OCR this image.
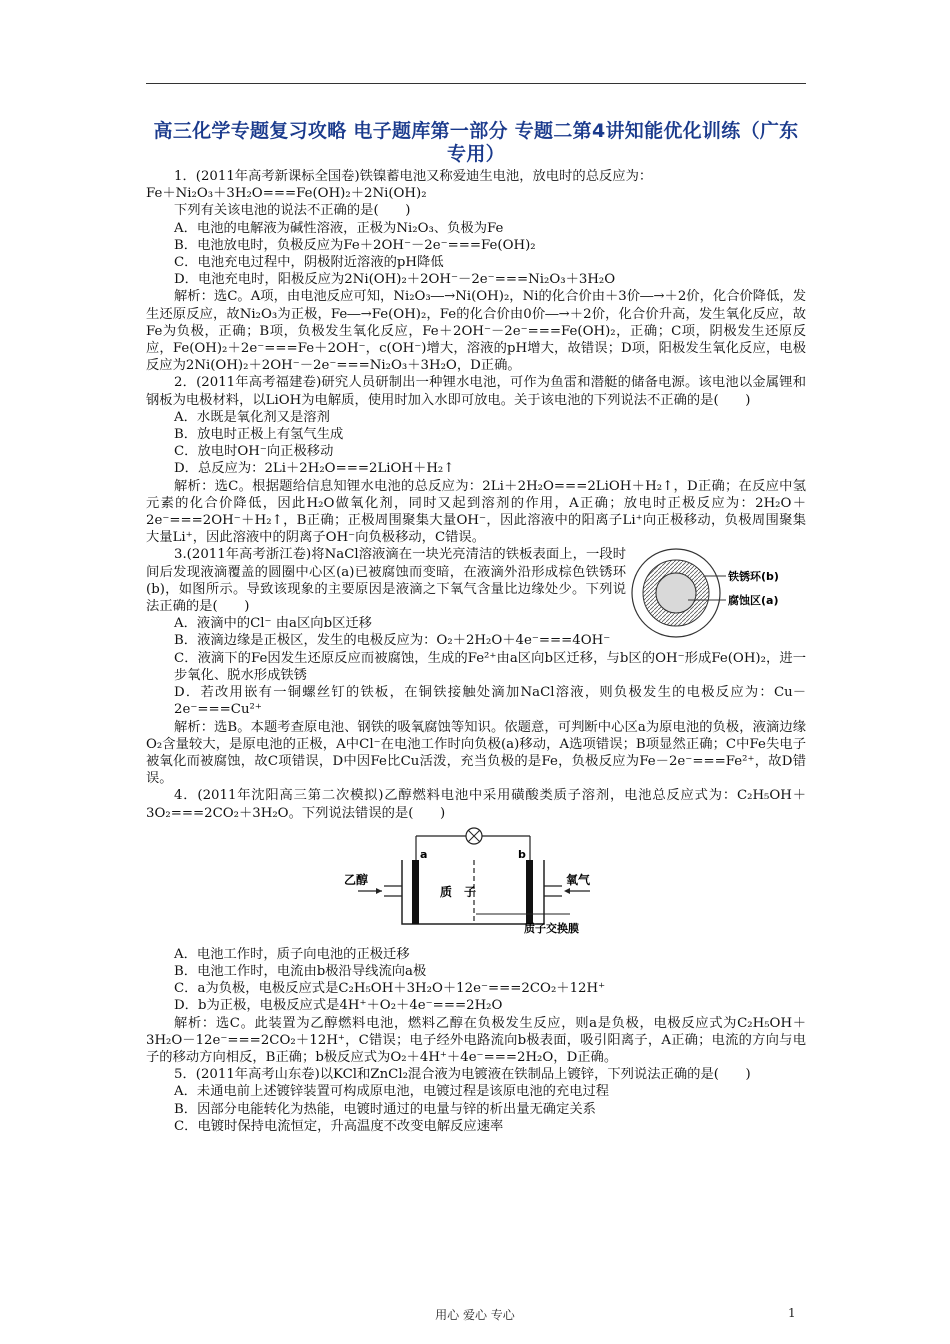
高三化学专题复习攻略 电子题库第一部分 专题二第4讲知能优化训练（广东专用）

1．(2011年高考新课标全国卷)铁镍蓄电池又称爱迪生电池，放电时的总反应为：

Fe＋Ni₂O₃＋3H₂O===Fe(OH)₂＋2Ni(OH)₂

下列有关该电池的说法不正确的是(　　)

A．电池的电解液为碱性溶液，正极为Ni₂O₃、负极为Fe

B．电池放电时，负极反应为Fe＋2OH⁻－2e⁻===Fe(OH)₂

C．电池充电过程中，阴极附近溶液的pH降低

D．电池充电时，阳极反应为2Ni(OH)₂＋2OH⁻－2e⁻===Ni₂O₃＋3H₂O

解析：选C。A项，由电池反应可知，Ni₂O₃―→Ni(OH)₂，Ni的化合价由＋3价―→＋2价，化合价降低，发生还原反应，故Ni₂O₃为正极，Fe―→Fe(OH)₂，Fe的化合价由0价―→＋2价，化合价升高，发生氧化反应，故Fe为负极，正确；B项，负极发生氧化反应，Fe＋2OH⁻－2e⁻===Fe(OH)₂，正确；C项，阴极发生还原反应，Fe(OH)₂＋2e⁻===Fe＋2OH⁻，c(OH⁻)增大，溶液的pH增大，故错误；D项，阳极发生氧化反应，电极反应为2Ni(OH)₂＋2OH⁻－2e⁻===Ni₂O₃＋3H₂O，D正确。

2．(2011年高考福建卷)研究人员研制出一种锂水电池，可作为鱼雷和潜艇的储备电源。该电池以金属锂和钢板为电极材料，以LiOH为电解质，使用时加入水即可放电。关于该电池的下列说法不正确的是(　　)

A．水既是氧化剂又是溶剂

B．放电时正极上有氢气生成

C．放电时OH⁻向正极移动

D．总反应为：2Li＋2H₂O===2LiOH＋H₂↑

解析：选C。根据题给信息知锂水电池的总反应为：2Li＋2H₂O===2LiOH＋H₂↑，D正确；在反应中氢元素的化合价降低，因此H₂O做氧化剂，同时又起到溶剂的作用，A正确；放电时正极反应为：2H₂O＋2e⁻===2OH⁻＋H₂↑，B正确；正极周围聚集大量OH⁻，因此溶液中的阳离子Li⁺向正极移动，负极周围聚集大量Li⁺，因此溶液中的阴离子OH⁻向负极移动，C错误。

3.(2011年高考浙江卷)将NaCl溶液滴在一块光亮清洁的铁板表面上，一段时间后发现液滴覆盖的圆圈中心区(a)已被腐蚀而变暗，在液滴外沿形成棕色铁锈环(b)，如图所示。导致该现象的主要原因是液滴之下氧气含量比边缘处少。下列说法正确的是(　　)

A．液滴中的Cl⁻ 由a区向b区迁移

铁锈环(b)
腐蚀区(a)

B．液滴边缘是正极区，发生的电极反应为：O₂＋2H₂O＋4e⁻===4OH⁻

C．液滴下的Fe因发生还原反应而被腐蚀，生成的Fe²⁺由a区向b区迁移，与b区的OH⁻形成Fe(OH)₂，进一步氧化、脱水形成铁锈

D．若改用嵌有一铜螺丝钉的铁板，在铜铁接触处滴加NaCl溶液，则负极发生的电极反应为：Cu－2e⁻===Cu²⁺

解析：选B。本题考查原电池、钢铁的吸氧腐蚀等知识。依题意，可判断中心区a为原电池的负极，液滴边缘O₂含量较大，是原电池的正极，A中Cl⁻在电池工作时向负极(a)移动，A选项错误；B项显然正确；C中Fe失电子被氧化而被腐蚀，故C项错误，D中因Fe比Cu活泼，充当负极的是Fe，负极反应为Fe－2e⁻===Fe²⁺，故D错误。

4．(2011年沈阳高三第二次模拟)乙醇燃料电池中采用磺酸类质子溶剂，电池总反应式为：C₂H₅OH＋3O₂===2CO₂＋3H₂O。下列说法错误的是(　　)

乙醇	氧气
质　子
a	b
质子交换膜

A．电池工作时，质子向电池的正极迁移

B．电池工作时，电流由b极沿导线流向a极

C．a为负极，电极反应式是C₂H₅OH＋3H₂O＋12e⁻===2CO₂＋12H⁺

D．b为正极，电极反应式是4H⁺＋O₂＋4e⁻===2H₂O

解析：选C。此装置为乙醇燃料电池，燃料乙醇在负极发生反应，则a是负极，电极反应式为C₂H₅OH＋3H₂O－12e⁻===2CO₂＋12H⁺，C错误；电子经外电路流向b极表面，吸引阳离子，A正确；电流的方向与电子的移动方向相反，B正确；b极反应式为O₂＋4H⁺＋4e⁻===2H₂O，D正确。

5．(2011年高考山东卷)以KCl和ZnCl₂混合液为电镀液在铁制品上镀锌，下列说法正确的是(　　)

A．未通电前上述镀锌装置可构成原电池，电镀过程是该原电池的充电过程

B．因部分电能转化为热能，电镀时通过的电量与锌的析出量无确定关系

C．电镀时保持电流恒定，升高温度不改变电解反应速率

用心 爱心 专心	1
